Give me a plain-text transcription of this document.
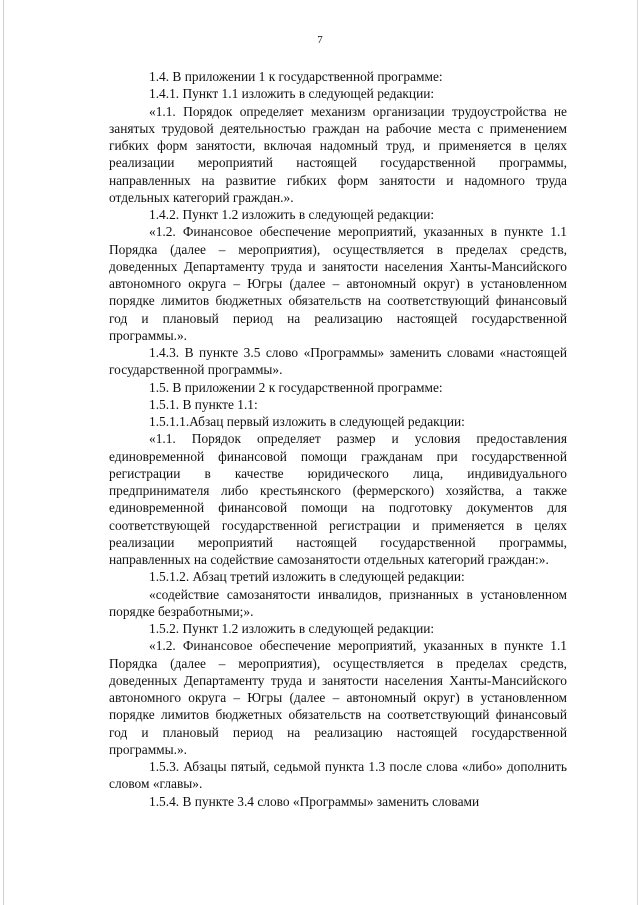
7

1.4. В приложении 1 к государственной программе:

1.4.1. Пункт 1.1 изложить в следующей редакции:

«1.1. Порядок определяет механизм организации трудоустройства не занятых трудовой деятельностью граждан на рабочие места с применением гибких форм занятости, включая надомный труд, и применяется в целях реализации мероприятий настоящей государственной программы, направленных на развитие гибких форм занятости и надомного труда отдельных категорий граждан.».

1.4.2. Пункт 1.2 изложить в следующей редакции:

«1.2. Финансовое обеспечение мероприятий, указанных в пункте 1.1 Порядка (далее – мероприятия), осуществляется в пределах средств, доведенных Департаменту труда и занятости населения Ханты-Мансийского автономного округа – Югры (далее – автономный округ) в установленном порядке лимитов бюджетных обязательств на соответствующий финансовый год и плановый период на реализацию настоящей государственной программы.».

1.4.3. В пункте 3.5 слово «Программы» заменить словами «настоящей государственной программы».

1.5. В приложении 2 к государственной программе:

1.5.1. В пункте 1.1:

1.5.1.1.Абзац первый изложить в следующей редакции:

«1.1. Порядок определяет размер и условия предоставления единовременной финансовой помощи гражданам при государственной регистрации в качестве юридического лица, индивидуального предпринимателя либо крестьянского (фермерского) хозяйства, а также единовременной финансовой помощи на подготовку документов для соответствующей государственной регистрации и применяется в целях реализации мероприятий настоящей государственной программы, направленных на содействие самозанятости отдельных категорий граждан:».

1.5.1.2. Абзац третий изложить в следующей редакции:

«содействие самозанятости инвалидов, признанных в установленном порядке безработными;».

1.5.2. Пункт 1.2 изложить в следующей редакции:

«1.2. Финансовое обеспечение мероприятий, указанных в пункте 1.1 Порядка (далее – мероприятия), осуществляется в пределах средств, доведенных Департаменту труда и занятости населения Ханты-Мансийского автономного округа – Югры (далее – автономный округ) в установленном порядке лимитов бюджетных обязательств на соответствующий финансовый год и плановый период на реализацию настоящей государственной программы.».

1.5.3. Абзацы пятый, седьмой пункта 1.3 после слова «либо» дополнить словом «главы».

1.5.4. В пункте 3.4 слово «Программы» заменить словами
